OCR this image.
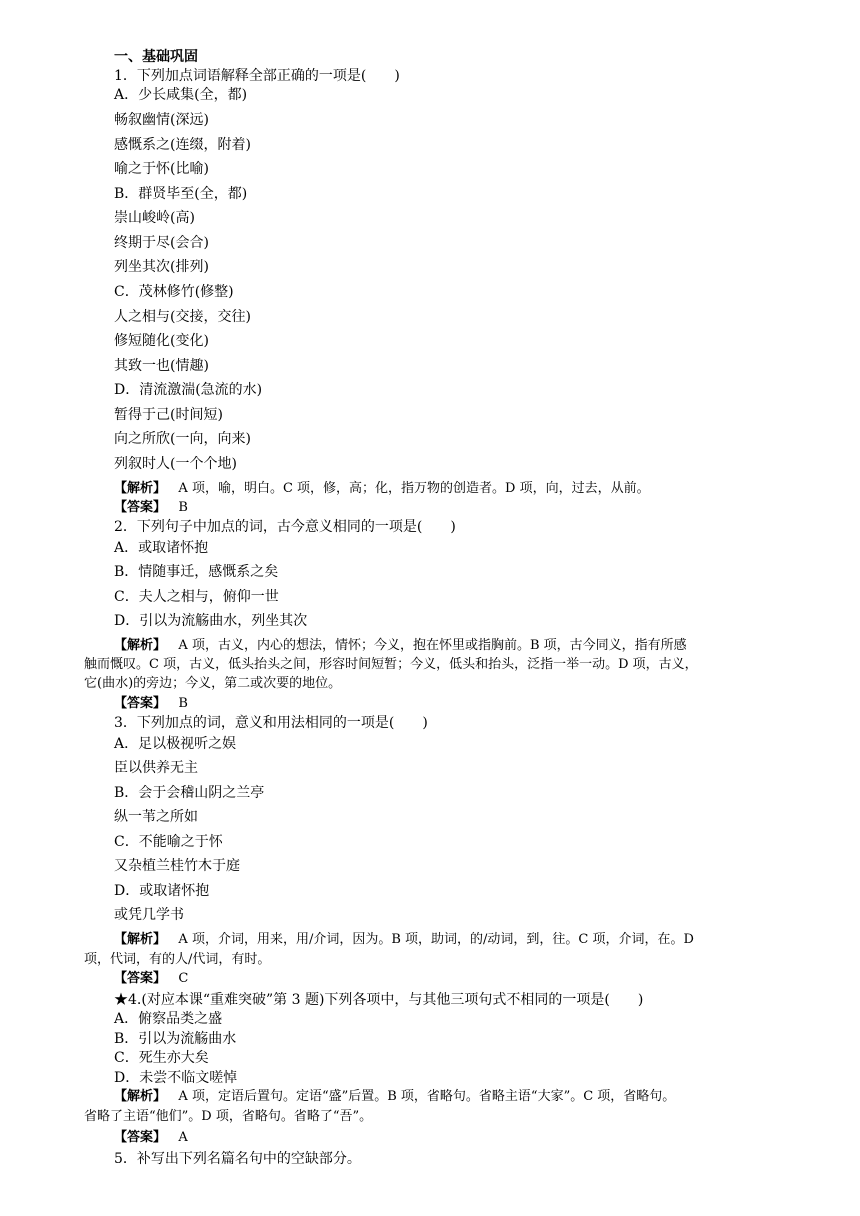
一、基础巩固
1．下列加点词语解释全部正确的一项是(　　)
A．少长咸集(全，都)
畅叙幽情(深远)
感慨系之(连缀，附着)
喻之于怀(比喻)
B．群贤毕至(全，都)
崇山峻岭(高)
终期于尽(会合)
列坐其次(排列)
C．茂林修竹(修整)
人之相与(交接，交往)
修短随化(变化)
其致一也(情趣)
D．清流激湍(急流的水)
暂得于己(时间短)
向之所欣(一向，向来)
列叙时人(一个个地)
【解析】 A 项，喻，明白。C 项，修，高；化，指万物的创造者。D 项，向，过去，从前。
【答案】 B
2．下列句子中加点的词，古今意义相同的一项是(　　)
A．或取诸怀抱
B．情随事迁，感慨系之矣
C．夫人之相与，俯仰一世
D．引以为流觞曲水，列坐其次
【解析】 A 项，古义，内心的想法，情怀；今义，抱在怀里或指胸前。B 项，古今同义，指有所感
触而慨叹。C 项，古义，低头抬头之间，形容时间短暂；今义，低头和抬头，泛指一举一动。D 项，古义，
它(曲水)的旁边；今义，第二或次要的地位。
【答案】 B
3．下列加点的词，意义和用法相同的一项是(　　)
A．足以极视听之娱
臣以供养无主
B．会于会稽山阴之兰亭
纵一苇之所如
C．不能喻之于怀
又杂植兰桂竹木于庭
D．或取诸怀抱
或凭几学书
【解析】 A 项，介词，用来，用/介词，因为。B 项，助词，的/动词，到，往。C 项，介词，在。D
项，代词，有的人/代词，有时。
【答案】 C
★4.(对应本课“重难突破”第 3 题)下列各项中，与其他三项句式不相同的一项是(　　)
A．俯察品类之盛
B．引以为流觞曲水
C．死生亦大矣
D．未尝不临文嗟悼
【解析】 A 项，定语后置句。定语“盛”后置。B 项，省略句。省略主语“大家”。C 项，省略句。
省略了主语“他们”。D 项，省略句。省略了“吾”。
【答案】 A
5．补写出下列名篇名句中的空缺部分。
